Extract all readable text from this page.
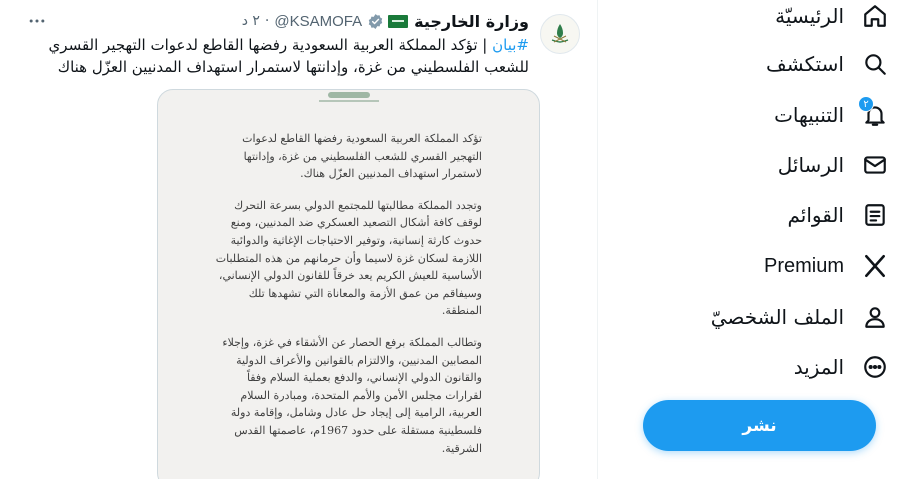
الرئيسيّة
استكشف
٢
التنبيهات
الرسائل
القوائم
Premium
الملف الشخصيّ
المزيد
نشر
وزارة الخارجية
@KSAMOFA
·
٢ د

#بيان | تؤكد المملكة العربية السعودية رفضها القاطع لدعوات التهجير القسري

للشعب الفلسطيني من غزة، وإدانتها لاستمرار استهداف المدنيين العزّل هناك

تؤكد المملكة العربية السعودية رفضها القاطع لدعوات

التهجير القسري للشعب الفلسطيني من غزة، وإدانتها

لاستمرار استهداف المدنيين العزّل هناك.

وتجدد المملكة مطالبتها للمجتمع الدولي بسرعة التحرك

لوقف كافة أشكال التصعيد العسكري ضد المدنيين، ومنع

حدوث كارثة إنسانية، وتوفير الاحتياجات الإغاثية والدوائية

اللازمة لسكان غزة لاسيما وأن حرمانهم من هذه المتطلبات

الأساسية للعيش الكريم يعد خرقاً للقانون الدولي الإنساني،

وسيفاقم من عمق الأزمة والمعاناة التي تشهدها تلك

المنطقة.

وتطالب المملكة برفع الحصار عن الأشقاء في غزة، وإجلاء

المصابين المدنيين، والالتزام بالقوانين والأعراف الدولية

والقانون الدولي الإنساني، والدفع بعملية السلام وفقاً

لقرارات مجلس الأمن والأمم المتحدة، ومبادرة السلام

العربية، الرامية إلى إيجاد حل عادل وشامل، وإقامة دولة

فلسطينية مستقلة على حدود 1967م، عاصمتها القدس

الشرقية.
